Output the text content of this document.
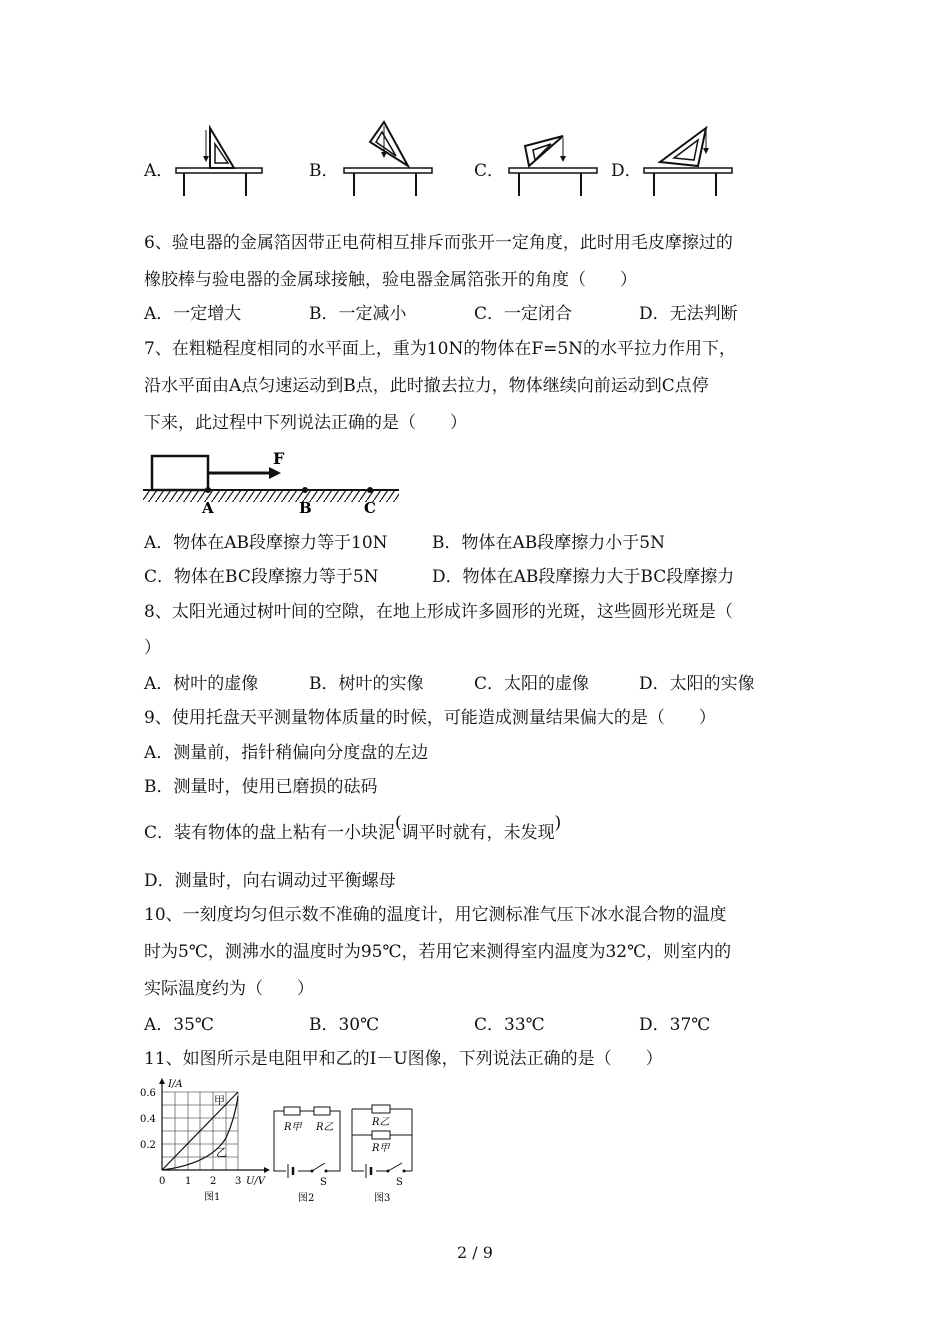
A．	B．	C．	D．
6、验电器的金属箔因带正电荷相互排斥而张开一定角度，此时用毛皮摩擦过的
橡胶棒与验电器的金属球接触，验电器金属箔张开的角度（　　）
A．一定增大	B．一定减小	C．一定闭合	D．无法判断
7、在粗糙程度相同的水平面上，重为10N的物体在F=5N的水平拉力作用下，
沿水平面由A点匀速运动到B点，此时撤去拉力，物体继续向前运动到C点停
下来，此过程中下列说法正确的是（　　）
F
A	B	C
A．物体在AB段摩擦力等于10N	B．物体在AB段摩擦力小于5N
C．物体在BC段摩擦力等于5N	D．物体在AB段摩擦力大于BC段摩擦力
8、太阳光通过树叶间的空隙，在地上形成许多圆形的光斑，这些圆形光斑是（
）
A．树叶的虚像	B．树叶的实像	C．太阳的虚像	D．太阳的实像
9、使用托盘天平测量物体质量的时候，可能造成测量结果偏大的是（　　）
A．测量前，指针稍偏向分度盘的左边
B．测量时，使用已磨损的砝码
C．装有物体的盘上粘有一小块泥(调平时就有，未发现)
D．测量时，向右调动过平衡螺母
10、一刻度均匀但示数不准确的温度计，用它测标准气压下冰水混合物的温度
时为5℃，测沸水的温度时为95℃，若用它来测得室内温度为32℃，则室内的
实际温度约为（　　）
A．35℃	B．30℃	C．33℃	D．37℃
11、如图所示是电阻甲和乙的I－U图像，下列说法正确的是（　　）
I/A
0.6
0.4
0.2
0 1 2 3 U/V
甲
乙
图1
R甲 R乙
S
图2
R乙
R甲
S
图3
2 / 9
